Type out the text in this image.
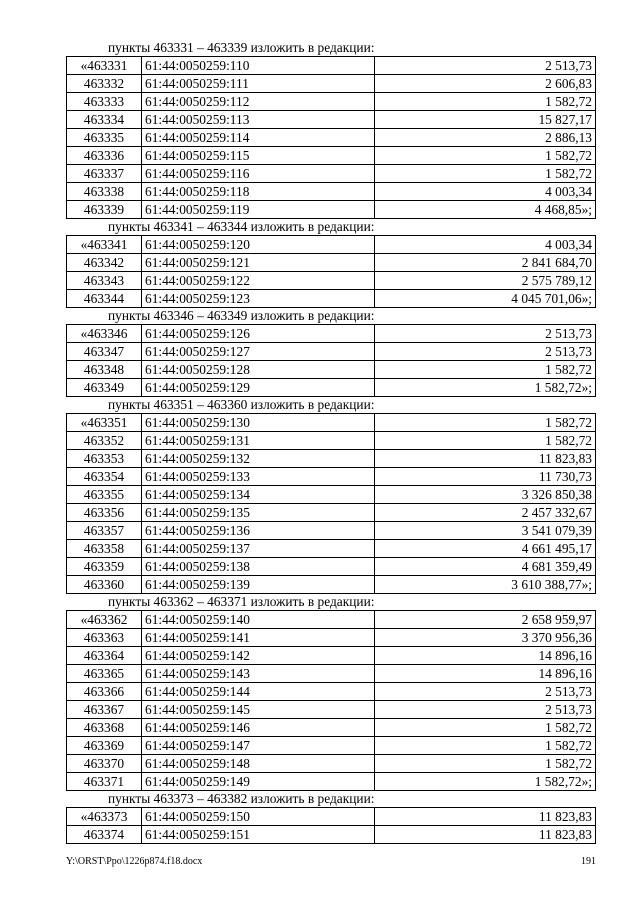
пункты 463331 – 463339 изложить в редакции:
«463331	61:44:0050259:110	2 513,73
463332	61:44:0050259:111	2 606,83
463333	61:44:0050259:112	1 582,72
463334	61:44:0050259:113	15 827,17
463335	61:44:0050259:114	2 886,13
463336	61:44:0050259:115	1 582,72
463337	61:44:0050259:116	1 582,72
463338	61:44:0050259:118	4 003,34
463339	61:44:0050259:119	4 468,85»;
пункты 463341 – 463344 изложить в редакции:
«463341	61:44:0050259:120	4 003,34
463342	61:44:0050259:121	2 841 684,70
463343	61:44:0050259:122	2 575 789,12
463344	61:44:0050259:123	4 045 701,06»;
пункты 463346 – 463349 изложить в редакции:
«463346	61:44:0050259:126	2 513,73
463347	61:44:0050259:127	2 513,73
463348	61:44:0050259:128	1 582,72
463349	61:44:0050259:129	1 582,72»;
пункты 463351 – 463360 изложить в редакции:
«463351	61:44:0050259:130	1 582,72
463352	61:44:0050259:131	1 582,72
463353	61:44:0050259:132	11 823,83
463354	61:44:0050259:133	11 730,73
463355	61:44:0050259:134	3 326 850,38
463356	61:44:0050259:135	2 457 332,67
463357	61:44:0050259:136	3 541 079,39
463358	61:44:0050259:137	4 661 495,17
463359	61:44:0050259:138	4 681 359,49
463360	61:44:0050259:139	3 610 388,77»;
пункты 463362 – 463371 изложить в редакции:
«463362	61:44:0050259:140	2 658 959,97
463363	61:44:0050259:141	3 370 956,36
463364	61:44:0050259:142	14 896,16
463365	61:44:0050259:143	14 896,16
463366	61:44:0050259:144	2 513,73
463367	61:44:0050259:145	2 513,73
463368	61:44:0050259:146	1 582,72
463369	61:44:0050259:147	1 582,72
463370	61:44:0050259:148	1 582,72
463371	61:44:0050259:149	1 582,72»;
пункты 463373 – 463382 изложить в редакции:
«463373	61:44:0050259:150	11 823,83
463374	61:44:0050259:151	11 823,83
Y:\ORST\Ppo\1226p874.f18.docx	191
